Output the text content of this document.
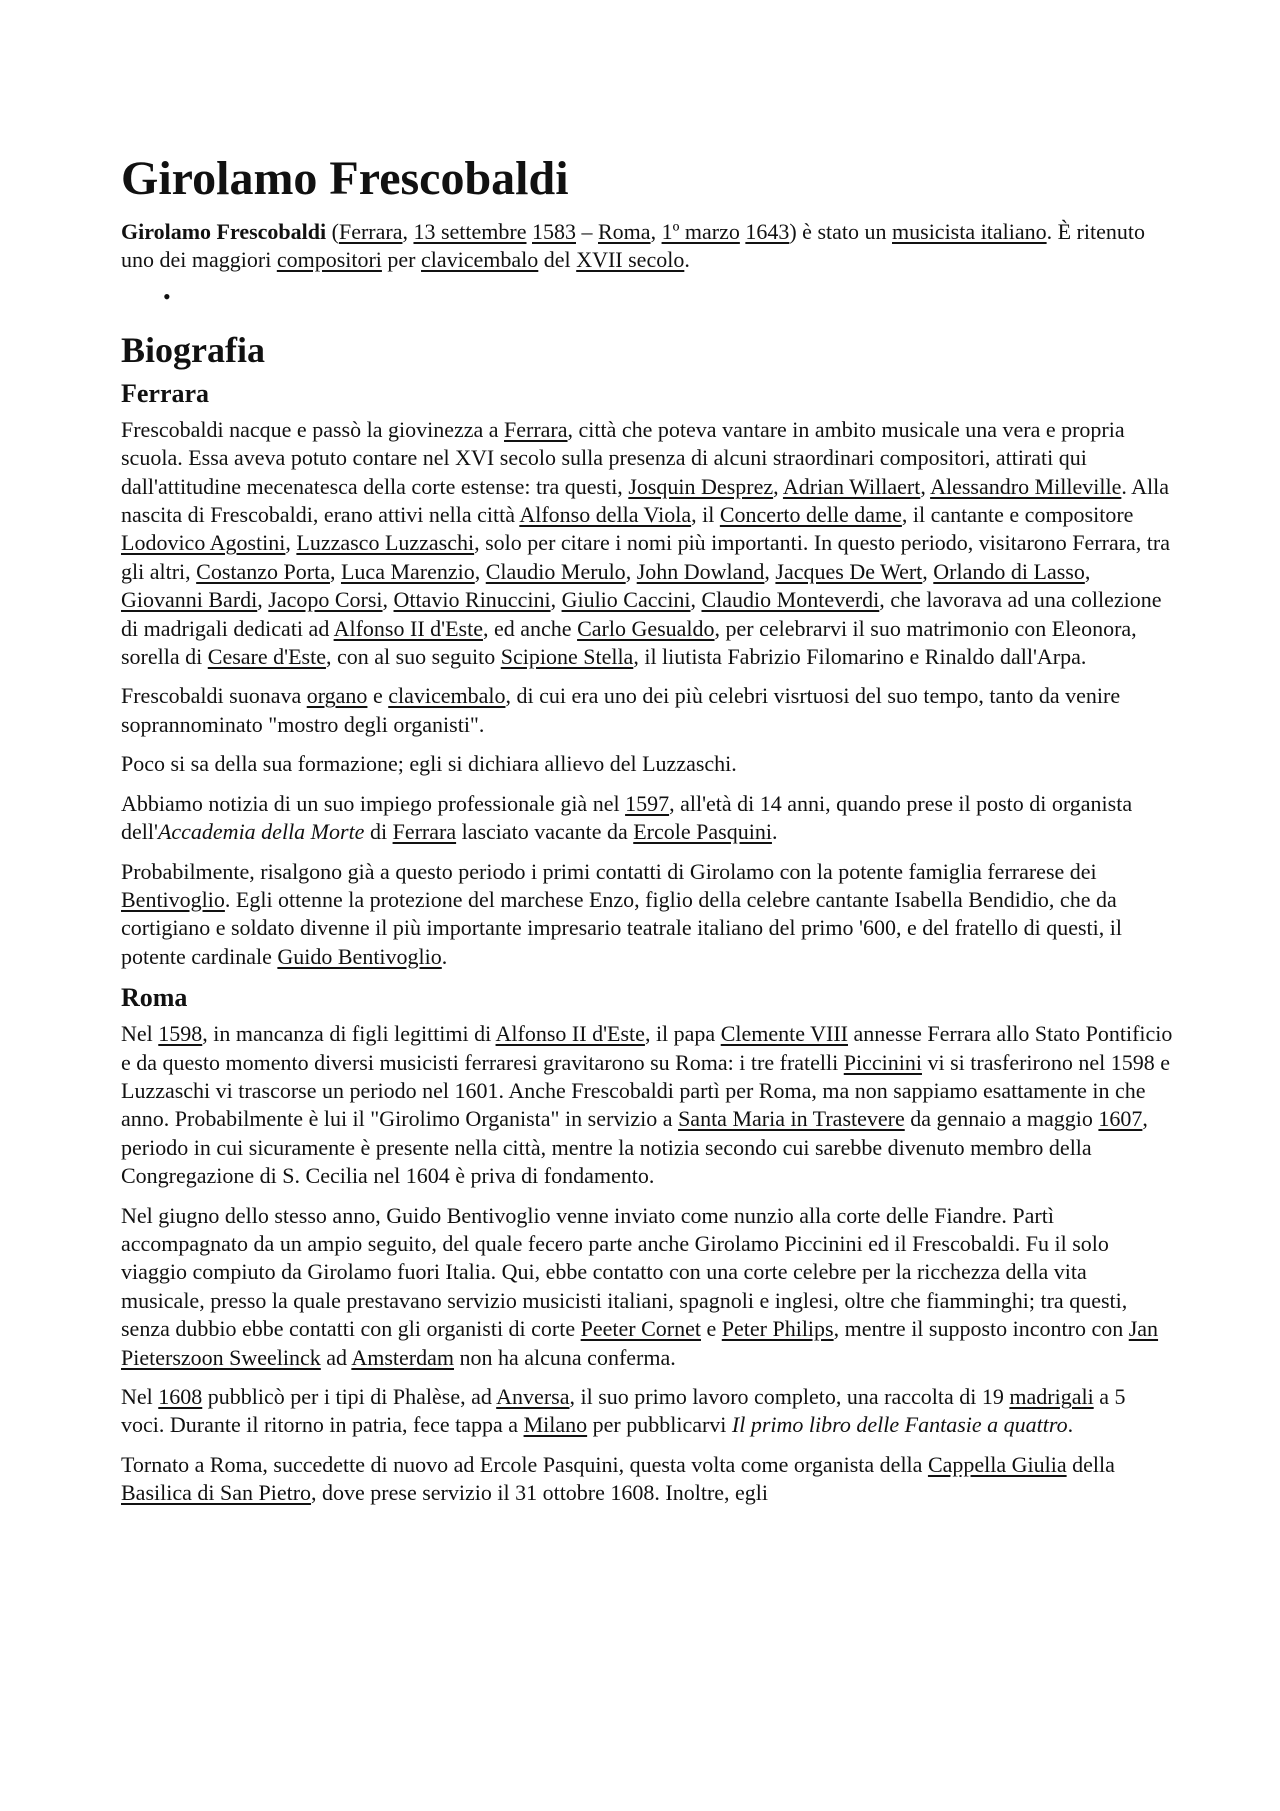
Girolamo Frescobaldi

Girolamo Frescobaldi (Ferrara, 13 settembre 1583 – Roma, 1º marzo 1643) è stato un musicista italiano. È ritenuto uno dei maggiori compositori per clavicembalo del XVII secolo.

•
Biografia
Ferrara

Frescobaldi nacque e passò la giovinezza a Ferrara, città che poteva vantare in ambito musicale una vera e propria scuola. Essa aveva potuto contare nel XVI secolo sulla presenza di alcuni straordinari compositori, attirati qui dall'attitudine mecenatesca della corte estense: tra questi, Josquin Desprez, Adrian Willaert, Alessandro Milleville. Alla nascita di Frescobaldi, erano attivi nella città Alfonso della Viola, il Concerto delle dame, il cantante e compositore Lodovico Agostini, Luzzasco Luzzaschi, solo per citare i nomi più importanti. In questo periodo, visitarono Ferrara, tra gli altri, Costanzo Porta, Luca Marenzio, Claudio Merulo, John Dowland, Jacques De Wert, Orlando di Lasso, Giovanni Bardi, Jacopo Corsi, Ottavio Rinuccini, Giulio Caccini, Claudio Monteverdi, che lavorava ad una collezione di madrigali dedicati ad Alfonso II d'Este, ed anche Carlo Gesualdo, per celebrarvi il suo matrimonio con Eleonora, sorella di Cesare d'Este, con al suo seguito Scipione Stella, il liutista Fabrizio Filomarino e Rinaldo dall'Arpa.

Frescobaldi suonava organo e clavicembalo, di cui era uno dei più celebri visrtuosi del suo tempo, tanto da venire soprannominato "mostro degli organisti".

Poco si sa della sua formazione; egli si dichiara allievo del Luzzaschi.

Abbiamo notizia di un suo impiego professionale già nel 1597, all'età di 14 anni, quando prese il posto di organista dell'Accademia della Morte di Ferrara lasciato vacante da Ercole Pasquini.

Probabilmente, risalgono già a questo periodo i primi contatti di Girolamo con la potente famiglia ferrarese dei Bentivoglio. Egli ottenne la protezione del marchese Enzo, figlio della celebre cantante Isabella Bendidio, che da cortigiano e soldato divenne il più importante impresario teatrale italiano del primo '600, e del fratello di questi, il potente cardinale Guido Bentivoglio.

Roma

Nel 1598, in mancanza di figli legittimi di Alfonso II d'Este, il papa Clemente VIII annesse Ferrara allo Stato Pontificio e da questo momento diversi musicisti ferraresi gravitarono su Roma: i tre fratelli Piccinini vi si trasferirono nel 1598 e Luzzaschi vi trascorse un periodo nel 1601. Anche Frescobaldi partì per Roma, ma non sappiamo esattamente in che anno. Probabilmente è lui il "Girolimo Organista" in servizio a Santa Maria in Trastevere da gennaio a maggio 1607, periodo in cui sicuramente è presente nella città, mentre la notizia secondo cui sarebbe divenuto membro della Congregazione di S. Cecilia nel 1604 è priva di fondamento.

Nel giugno dello stesso anno, Guido Bentivoglio venne inviato come nunzio alla corte delle Fiandre. Partì accompagnato da un ampio seguito, del quale fecero parte anche Girolamo Piccinini ed il Frescobaldi. Fu il solo viaggio compiuto da Girolamo fuori Italia. Qui, ebbe contatto con una corte celebre per la ricchezza della vita musicale, presso la quale prestavano servizio musicisti italiani, spagnoli e inglesi, oltre che fiamminghi; tra questi, senza dubbio ebbe contatti con gli organisti di corte Peeter Cornet e Peter Philips, mentre il supposto incontro con Jan Pieterszoon Sweelinck ad Amsterdam non ha alcuna conferma.

Nel 1608 pubblicò per i tipi di Phalèse, ad Anversa, il suo primo lavoro completo, una raccolta di 19 madrigali a 5 voci. Durante il ritorno in patria, fece tappa a Milano per pubblicarvi Il primo libro delle Fantasie a quattro.

Tornato a Roma, succedette di nuovo ad Ercole Pasquini, questa volta come organista della Cappella Giulia della Basilica di San Pietro, dove prese servizio il 31 ottobre 1608. Inoltre, egli
